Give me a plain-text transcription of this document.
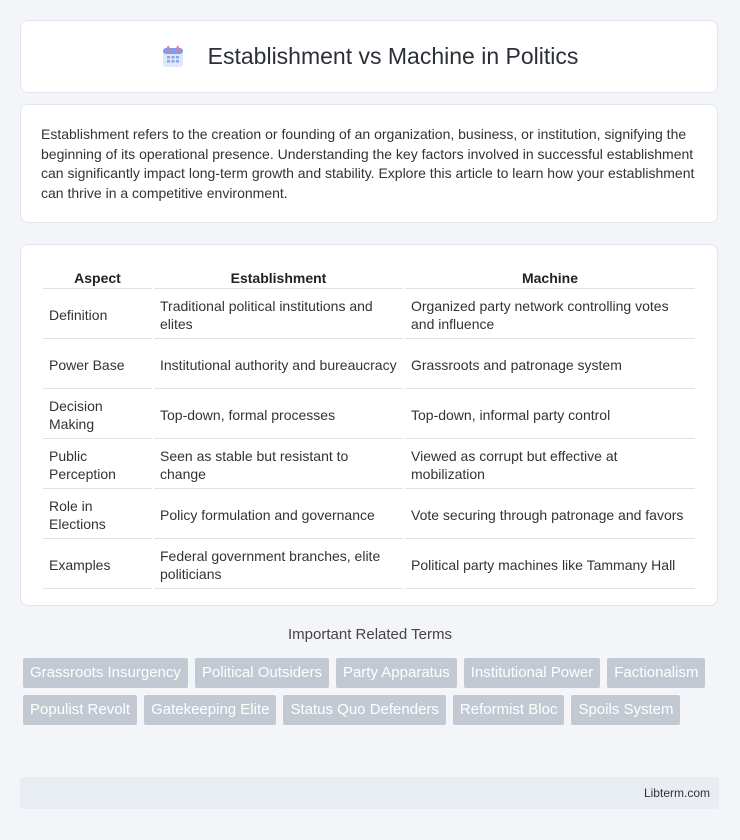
Establishment vs Machine in Politics

Establishment refers to the creation or founding of an organization, business, or institution, signifying the beginning of its operational presence. Understanding the key factors involved in successful establishment can significantly impact long-term growth and stability. Explore this article to learn how your establishment can thrive in a competitive environment.

Aspect	Establishment	Machine
Definition	Traditional political institutions and elites	Organized party network controlling votes and influence
Power Base	Institutional authority and bureaucracy	Grassroots and patronage system
Decision Making	Top-down, formal processes	Top-down, informal party control
Public Perception	Seen as stable but resistant to change	Viewed as corrupt but effective at mobilization
Role in Elections	Policy formulation and governance	Vote securing through patronage and favors
Examples	Federal government branches, elite politicians	Political party machines like Tammany Hall
Important Related Terms
Grassroots Insurgency	Political Outsiders	Party Apparatus	Institutional Power	Factionalism
Populist Revolt	Gatekeeping Elite	Status Quo Defenders	Reformist Bloc	Spoils System
Libterm.com
